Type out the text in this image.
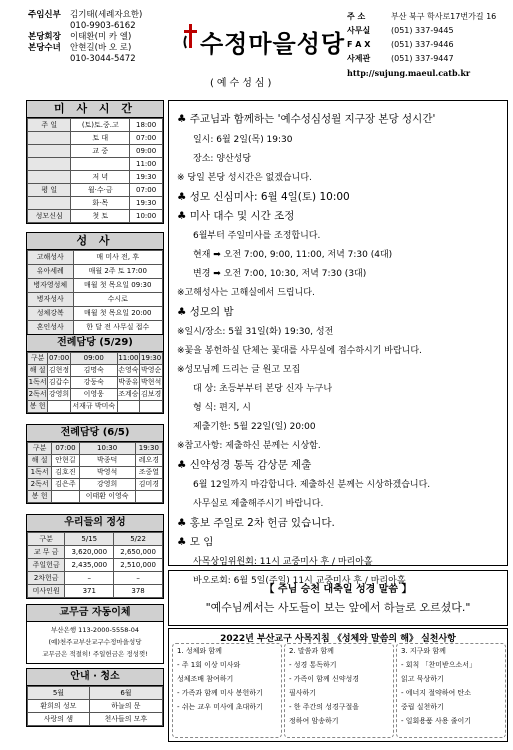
주임신부	김기태(세례자요한)
010-9903-6162
본당회장	이태환(미 카 엘)
본당수녀	안현길(바 오 로)
010-3044-5472
수정마을성당
(예수성심)
주 소	부산 북구 학사로17번가길 16
사무실	(051) 337-9445
F A X	(051) 337-9446
사제관	(051) 337-9447
http://sujung.maeul.catb.kr
미 사 시 간
주 일	(토)토.중.고	18:00
	토 대	07:00
	교 중	09:00
		11:00
	저 녁	19:30
평 일	월·수·금	07:00
	화·목	19:30
성모신심	첫 토	10:00
성 사
고해성사	매 미사 전, 후
유아세례	매월 2주 토 17:00
병자영성체	매월 첫 목요일 09:30
병자성사	수시로
성체강복	매월 첫 목요일 20:00
혼인성사	한 달 전 사무실 접수
전례담당 (5/29)
구분	07:00	09:00	11:00	19:30
해 설	김현정	김명숙	손영숙	박영순
1독서	김갑수	강둥숙	박종유	박현석
2독서	강영희	이영웅	조계승	김보경
봉 헌		서재규 박미숙		
전례담당 (6/5)
구분	07:00	10:30	19:30
해 설	안현길	박종덕	레오경
1독서	김호진	박영석	조중열
2독서	김은주	강영희	김미경
봉 헌		이태환 이영숙	
우리들의 정성
구분	5/15	5/22
교 무 금	3,620,000	2,650,000
주일헌금	2,435,000	2,510,000
2차헌금	–	–
미사인원	371	378
교무금 자동이체
부산은행 113-2000-5558-04
(예)천주교부산교구수정마을성당
교무금은 적절히! 주일헌금은 정성껏!
안내 · 청소
5월	6월
환희의 성모	하늘의 문
사랑의 샘	천사들의 모후
♣ 주교님과 함께하는 '예수성심성월 지구장 본당 성시간'
일시: 6월 2일(목) 19:30
장소: 양산성당
※ 당일 본당 성시간은 없겠습니다.
♣ 성모 신심미사: 6월 4일(토) 10:00
♣ 미사 대수 및 시간 조정
6월부터 주일미사를 조정합니다.
현재 ➡ 오전 7:00, 9:00, 11:00, 저녁 7:30 (4대)
변경 ➡ 오전 7:00, 10:30, 저녁 7:30 (3대)
※고해성사는 고해실에서 드립니다.
♣ 성모의 밤
※일시/장소: 5월 31일(화) 19:30, 성전
※꽃을 봉헌하실 단체는 꽃대를 사무실에 접수하시기 바랍니다.
※성모님께 드리는 글 원고 모집
대 상: 초등부부터 본당 신자 누구나
형 식: 편지, 시
제출기한: 5월 22일(일) 20:00
※참고사항: 제출하신 분께는 시상함.
♣ 신약성경 통독 감상문 제출
6월 12일까지 마감합니다. 제출하신 분께는 시상하겠습니다.
사무실로 제출해주시기 바랍니다.
♣ 홍보 주일로 2차 헌금 있습니다.
♣ 모 임
사목상임위원회: 11시 교중미사 후 / 마리아홀
바오로회: 6월 5일(주일) 11시 교중미사 후 / 마리아홀
【 주님 승천 대축일 성경 말씀 】
"예수님께서는 사도들이 보는 앞에서 하늘로 오르셨다."
2022년 부산교구 사목지침 《성체와 말씀의 해》 실천사항
1. 성체와 함께
- 주 1회 이상 미사와
성체조배 참여하기
- 가족과 함께 미사 봉헌하기
- 쉬는 교우 미사에 초대하기
2. 말씀과 함께
- 성경 통독하기
- 가족이 함께 신약성경
필사하기
- 한 주간의 성경구절을
정하여 암송하기
3. 지구와 함께
- 회칙 「찬미받으소서」
읽고 묵상하기
- 에너지 절약하여 탄소
중립 실천하기
- 일회용품 사용 줄이기
